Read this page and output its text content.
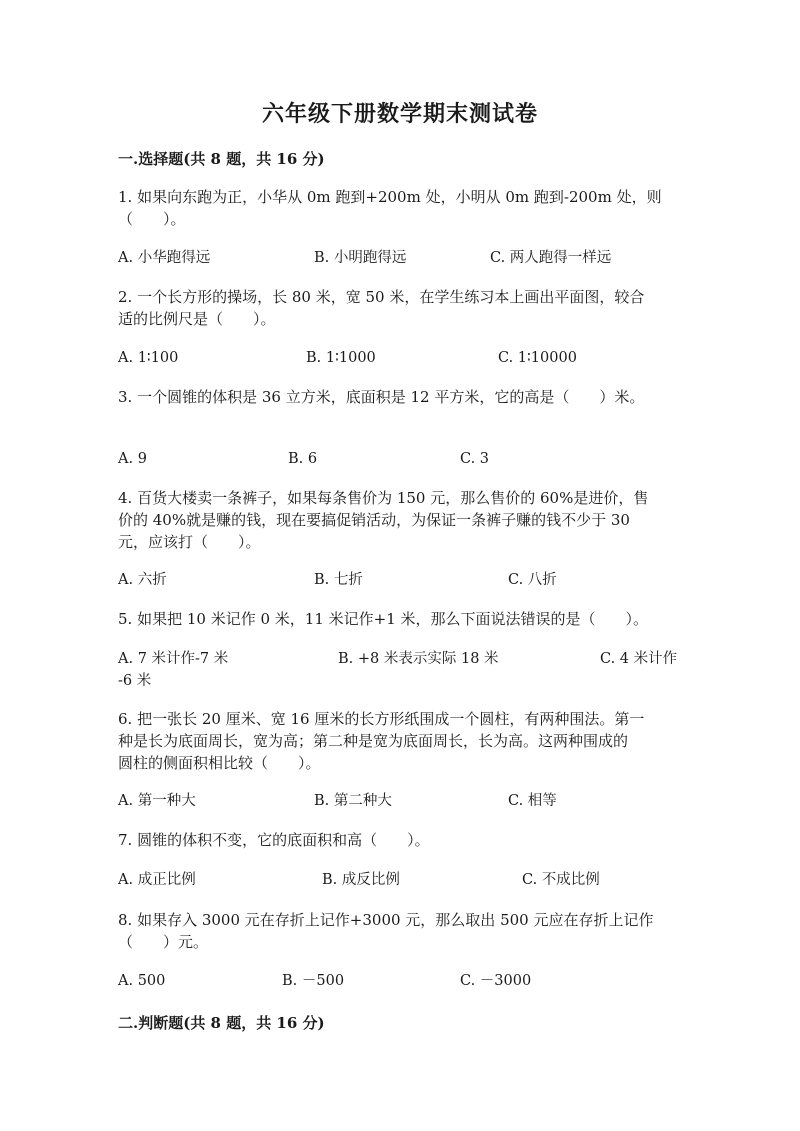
六年级下册数学期末测试卷
一.选择题(共 8 题，共 16 分)
1. 如果向东跑为正，小华从 0m 跑到+200m 处，小明从 0m 跑到-200m 处，则
（　　）。
A. 小华跑得远	B. 小明跑得远	C. 两人跑得一样远
2. 一个长方形的操场，长 80 米，宽 50 米，在学生练习本上画出平面图，较合
适的比例尺是（　　）。
A. 1∶100	B. 1∶1000	C. 1∶10000
3. 一个圆锥的体积是 36 立方米，底面积是 12 平方米，它的高是（　　）米。
A. 9	B. 6	C. 3
4. 百货大楼卖一条裤子，如果每条售价为 150 元，那么售价的 60%是进价，售
价的 40%就是赚的钱，现在要搞促销活动，为保证一条裤子赚的钱不少于 30
元，应该打（　　）。
A. 六折	B. 七折	C. 八折
5. 如果把 10 米记作 0 米，11 米记作+1 米，那么下面说法错误的是（　　）。
A. 7 米计作-7 米	B. +8 米表示实际 18 米	C. 4 米计作
-6 米
6. 把一张长 20 厘米、宽 16 厘米的长方形纸围成一个圆柱，有两种围法。第一
种是长为底面周长，宽为高；第二种是宽为底面周长，长为高。这两种围成的
圆柱的侧面积相比较（　　）。
A. 第一种大	B. 第二种大	C. 相等
7. 圆锥的体积不变，它的底面积和高（　　）。
A. 成正比例	B. 成反比例	C. 不成比例
8. 如果存入 3000 元在存折上记作+3000 元，那么取出 500 元应在存折上记作
（　　）元。
A. 500	B. －500	C. －3000
二.判断题(共 8 题，共 16 分)
